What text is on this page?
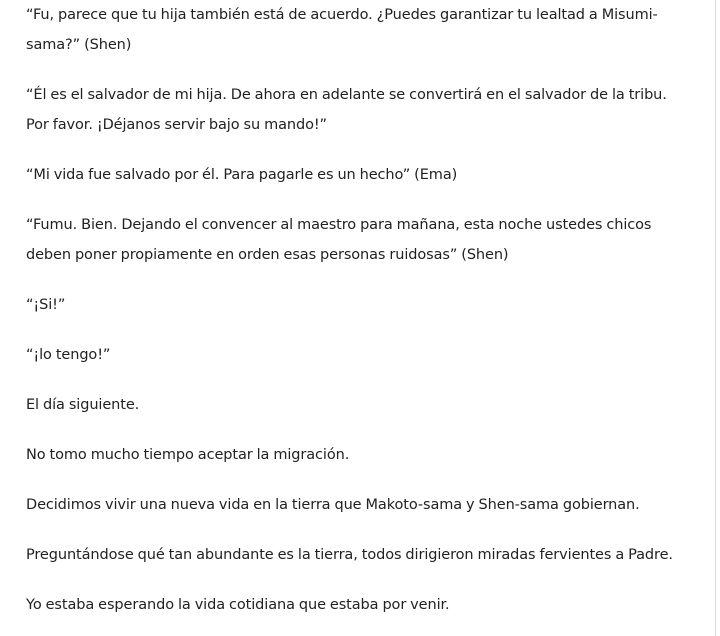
“Fu, parece que tu hija también está de acuerdo. ¿Puedes garantizar tu lealtad a Misumi-sama?” (Shen)

“Él es el salvador de mi hija. De ahora en adelante se convertirá en el salvador de la tribu. Por favor. ¡Déjanos servir bajo su mando!”

“Mi vida fue salvado por él. Para pagarle es un hecho” (Ema)

“Fumu. Bien. Dejando el convencer al maestro para mañana, esta noche ustedes chicos deben poner propiamente en orden esas personas ruidosas” (Shen)

“¡Si!”

“¡lo tengo!”

El día siguiente.

No tomo mucho tiempo aceptar la migración.

Decidimos vivir una nueva vida en la tierra que Makoto-sama y Shen-sama gobiernan.

Preguntándose qué tan abundante es la tierra, todos dirigieron miradas fervientes a Padre.

Yo estaba esperando la vida cotidiana que estaba por venir.
